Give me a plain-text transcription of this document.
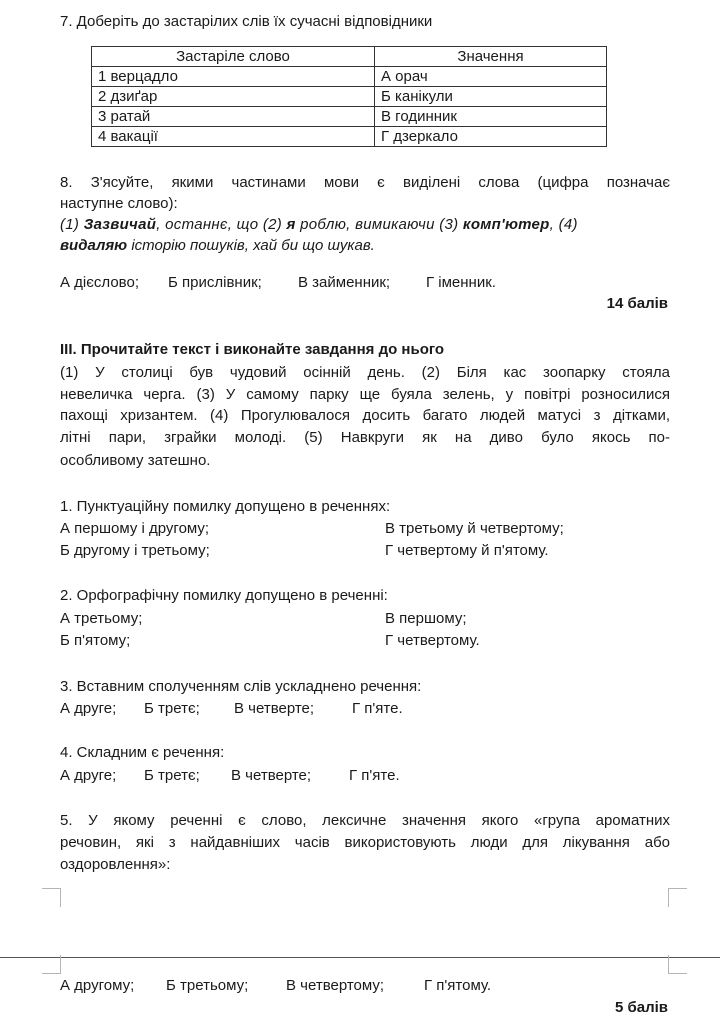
7. Доберіть до застарілих слів їх сучасні відповідники
Застаріле слово	Значення
1 верцадло	А орач
2 дзиґар	Б канікули
3 ратай	В годинник
4 вакації	Г дзеркало
8. З'ясуйте, якими частинами мови є виділені слова (цифра позначає
наступне слово):
(1) Зазвичай, останнє, що (2) я роблю, вимикаючи (3) комп'ютер, (4)
видаляю історію пошуків, хай би що шукав.
А дієслово; Б прислівник; В займенник; Г іменник.
14 балів
ІІІ. Прочитайте текст і виконайте завдання до нього
(1) У столиці був чудовий осінній день. (2) Біля кас зоопарку стояла
невеличка черга. (3) У самому парку ще буяла зелень, у повітрі розносилися
пахощі хризантем. (4) Прогулювалося досить багато людей матусі з дітками,
літні пари, зграйки молоді. (5) Навкруги як на диво було якось по-
особливому затешно.
1. Пунктуаційну помилку допущено в реченнях:
А першому і другому;	В третьому й четвертому;
Б другому і третьому;	Г четвертому й п'ятому.
2. Орфографічну помилку допущено в реченні:
А третьому;	В першому;
Б п'ятому;	Г четвертому.
3. Вставним сполученням слів ускладнено речення:
А друге; Б третє; В четверте;	Г п'яте.
4. Складним є речення:
А друге; Б третє; В четверте;	Г п'яте.
5. У якому реченні є слово, лексичне значення якого «група ароматних
речовин, які з найдавніших часів використовують люди для лікування або
оздоровлення»:
А другому; Б третьому;	В четвертому;	Г п'ятому.
5 балів
